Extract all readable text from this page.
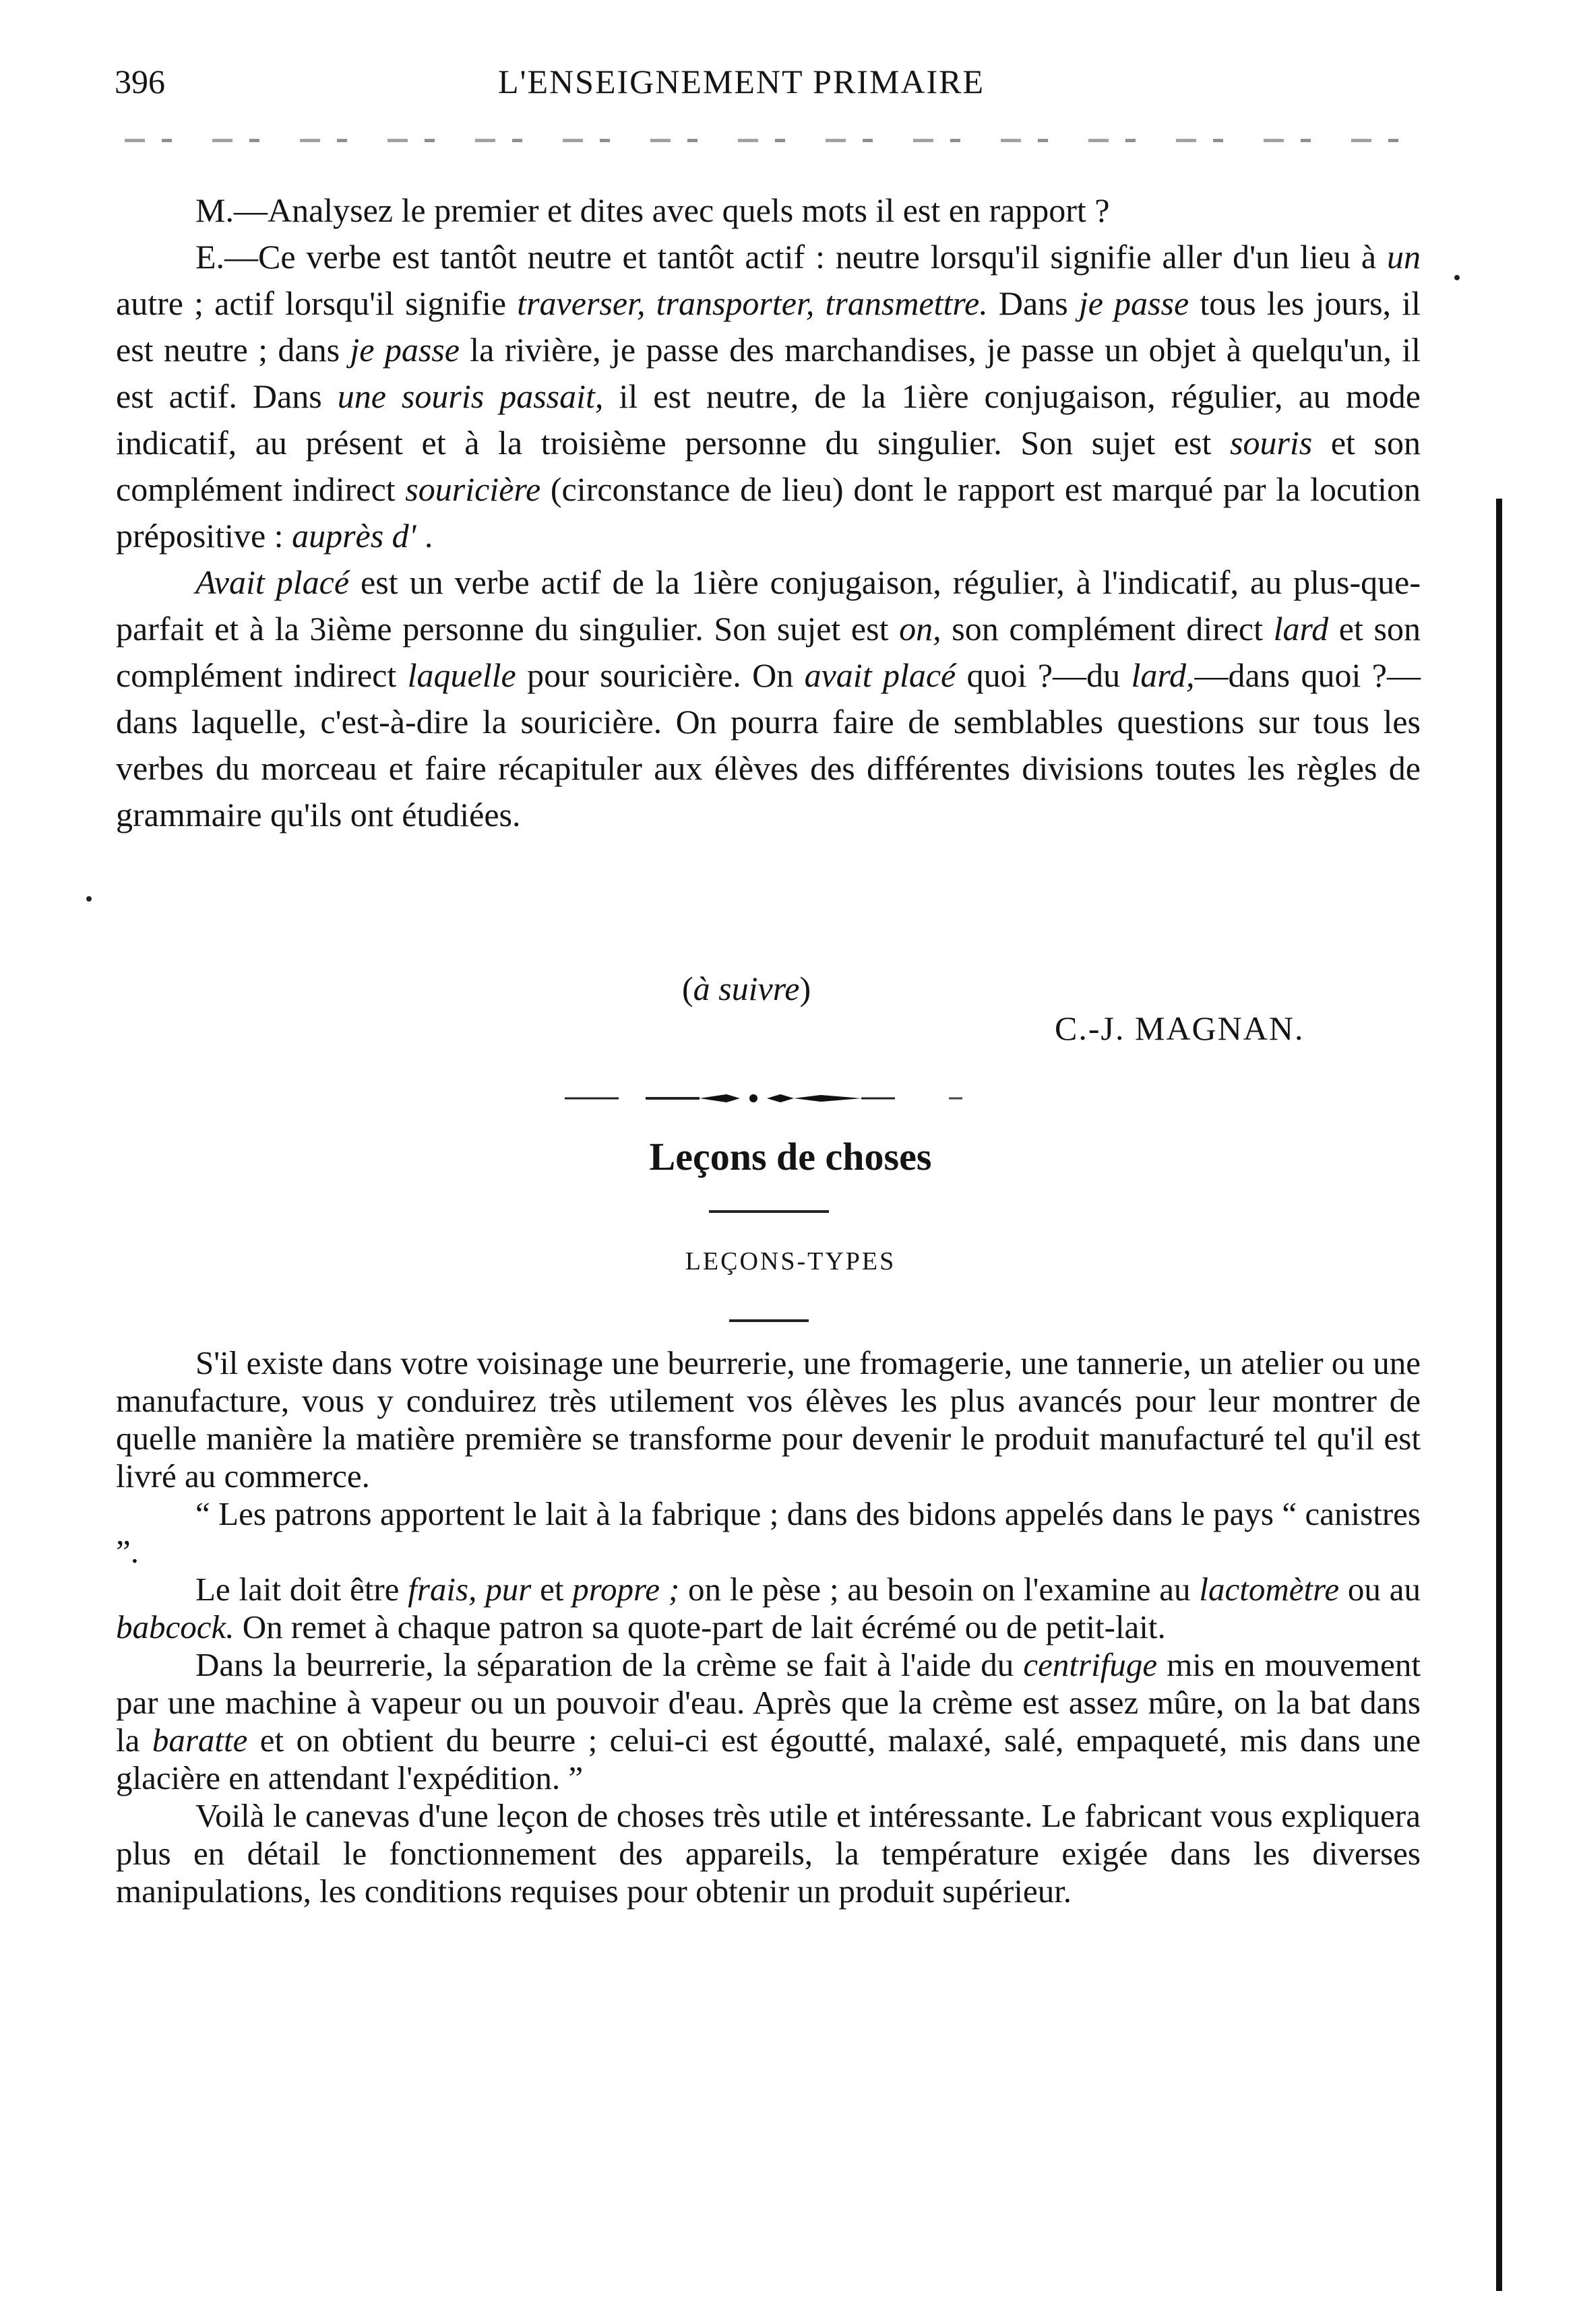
396	L'ENSEIGNEMENT PRIMAIRE

M.—Analysez le premier et dites avec quels mots il est en rapport ?

E.—Ce verbe est tantôt neutre et tantôt actif : neutre lorsqu'il signifie aller d'un lieu à un autre ; actif lorsqu'il signifie traverser, transporter, transmettre. Dans je passe tous les jours, il est neutre ; dans je passe la rivière, je passe des marchandises, je passe un objet à quelqu'un, il est actif. Dans une souris passait, il est neutre, de la 1ière conjugaison, régulier, au mode indicatif, au présent et à la troisième personne du singulier. Son sujet est souris et son complément indirect souricière (circonstance de lieu) dont le rapport est marqué par la locution prépositive : auprès d' .

Avait placé est un verbe actif de la 1ière conjugaison, régulier, à l'indicatif, au plus-que-parfait et à la 3ième personne du singulier. Son sujet est on, son complément direct lard et son complément indirect laquelle pour souricière. On avait placé quoi ?—du lard,—dans quoi ?—dans laquelle, c'est-à-dire la souricière. On pourra faire de semblables questions sur tous les verbes du morceau et faire récapituler aux élèves des différentes divisions toutes les règles de grammaire qu'ils ont étudiées.

(à suivre)
C.-J. MAGNAN.
Leçons de choses
LEÇONS-TYPES

S'il existe dans votre voisinage une beurrerie, une fromagerie, une tannerie, un atelier ou une manufacture, vous y conduirez très utilement vos élèves les plus avancés pour leur montrer de quelle manière la matière première se transforme pour devenir le produit manufacturé tel qu'il est livré au commerce.

“ Les patrons apportent le lait à la fabrique ; dans des bidons appelés dans le pays “ canistres ”.

Le lait doit être frais, pur et propre ; on le pèse ; au besoin on l'examine au lactomètre ou au babcock. On remet à chaque patron sa quote-part de lait écrémé ou de petit-lait.

Dans la beurrerie, la séparation de la crème se fait à l'aide du centrifuge mis en mouvement par une machine à vapeur ou un pouvoir d'eau. Après que la crème est assez mûre, on la bat dans la baratte et on obtient du beurre ; celui-ci est égoutté, malaxé, salé, empaqueté, mis dans une glacière en attendant l'expédition. ”

Voilà le canevas d'une leçon de choses très utile et intéressante. Le fabricant vous expliquera plus en détail le fonctionnement des appareils, la température exigée dans les diverses manipulations, les conditions requises pour obtenir un produit supérieur.
